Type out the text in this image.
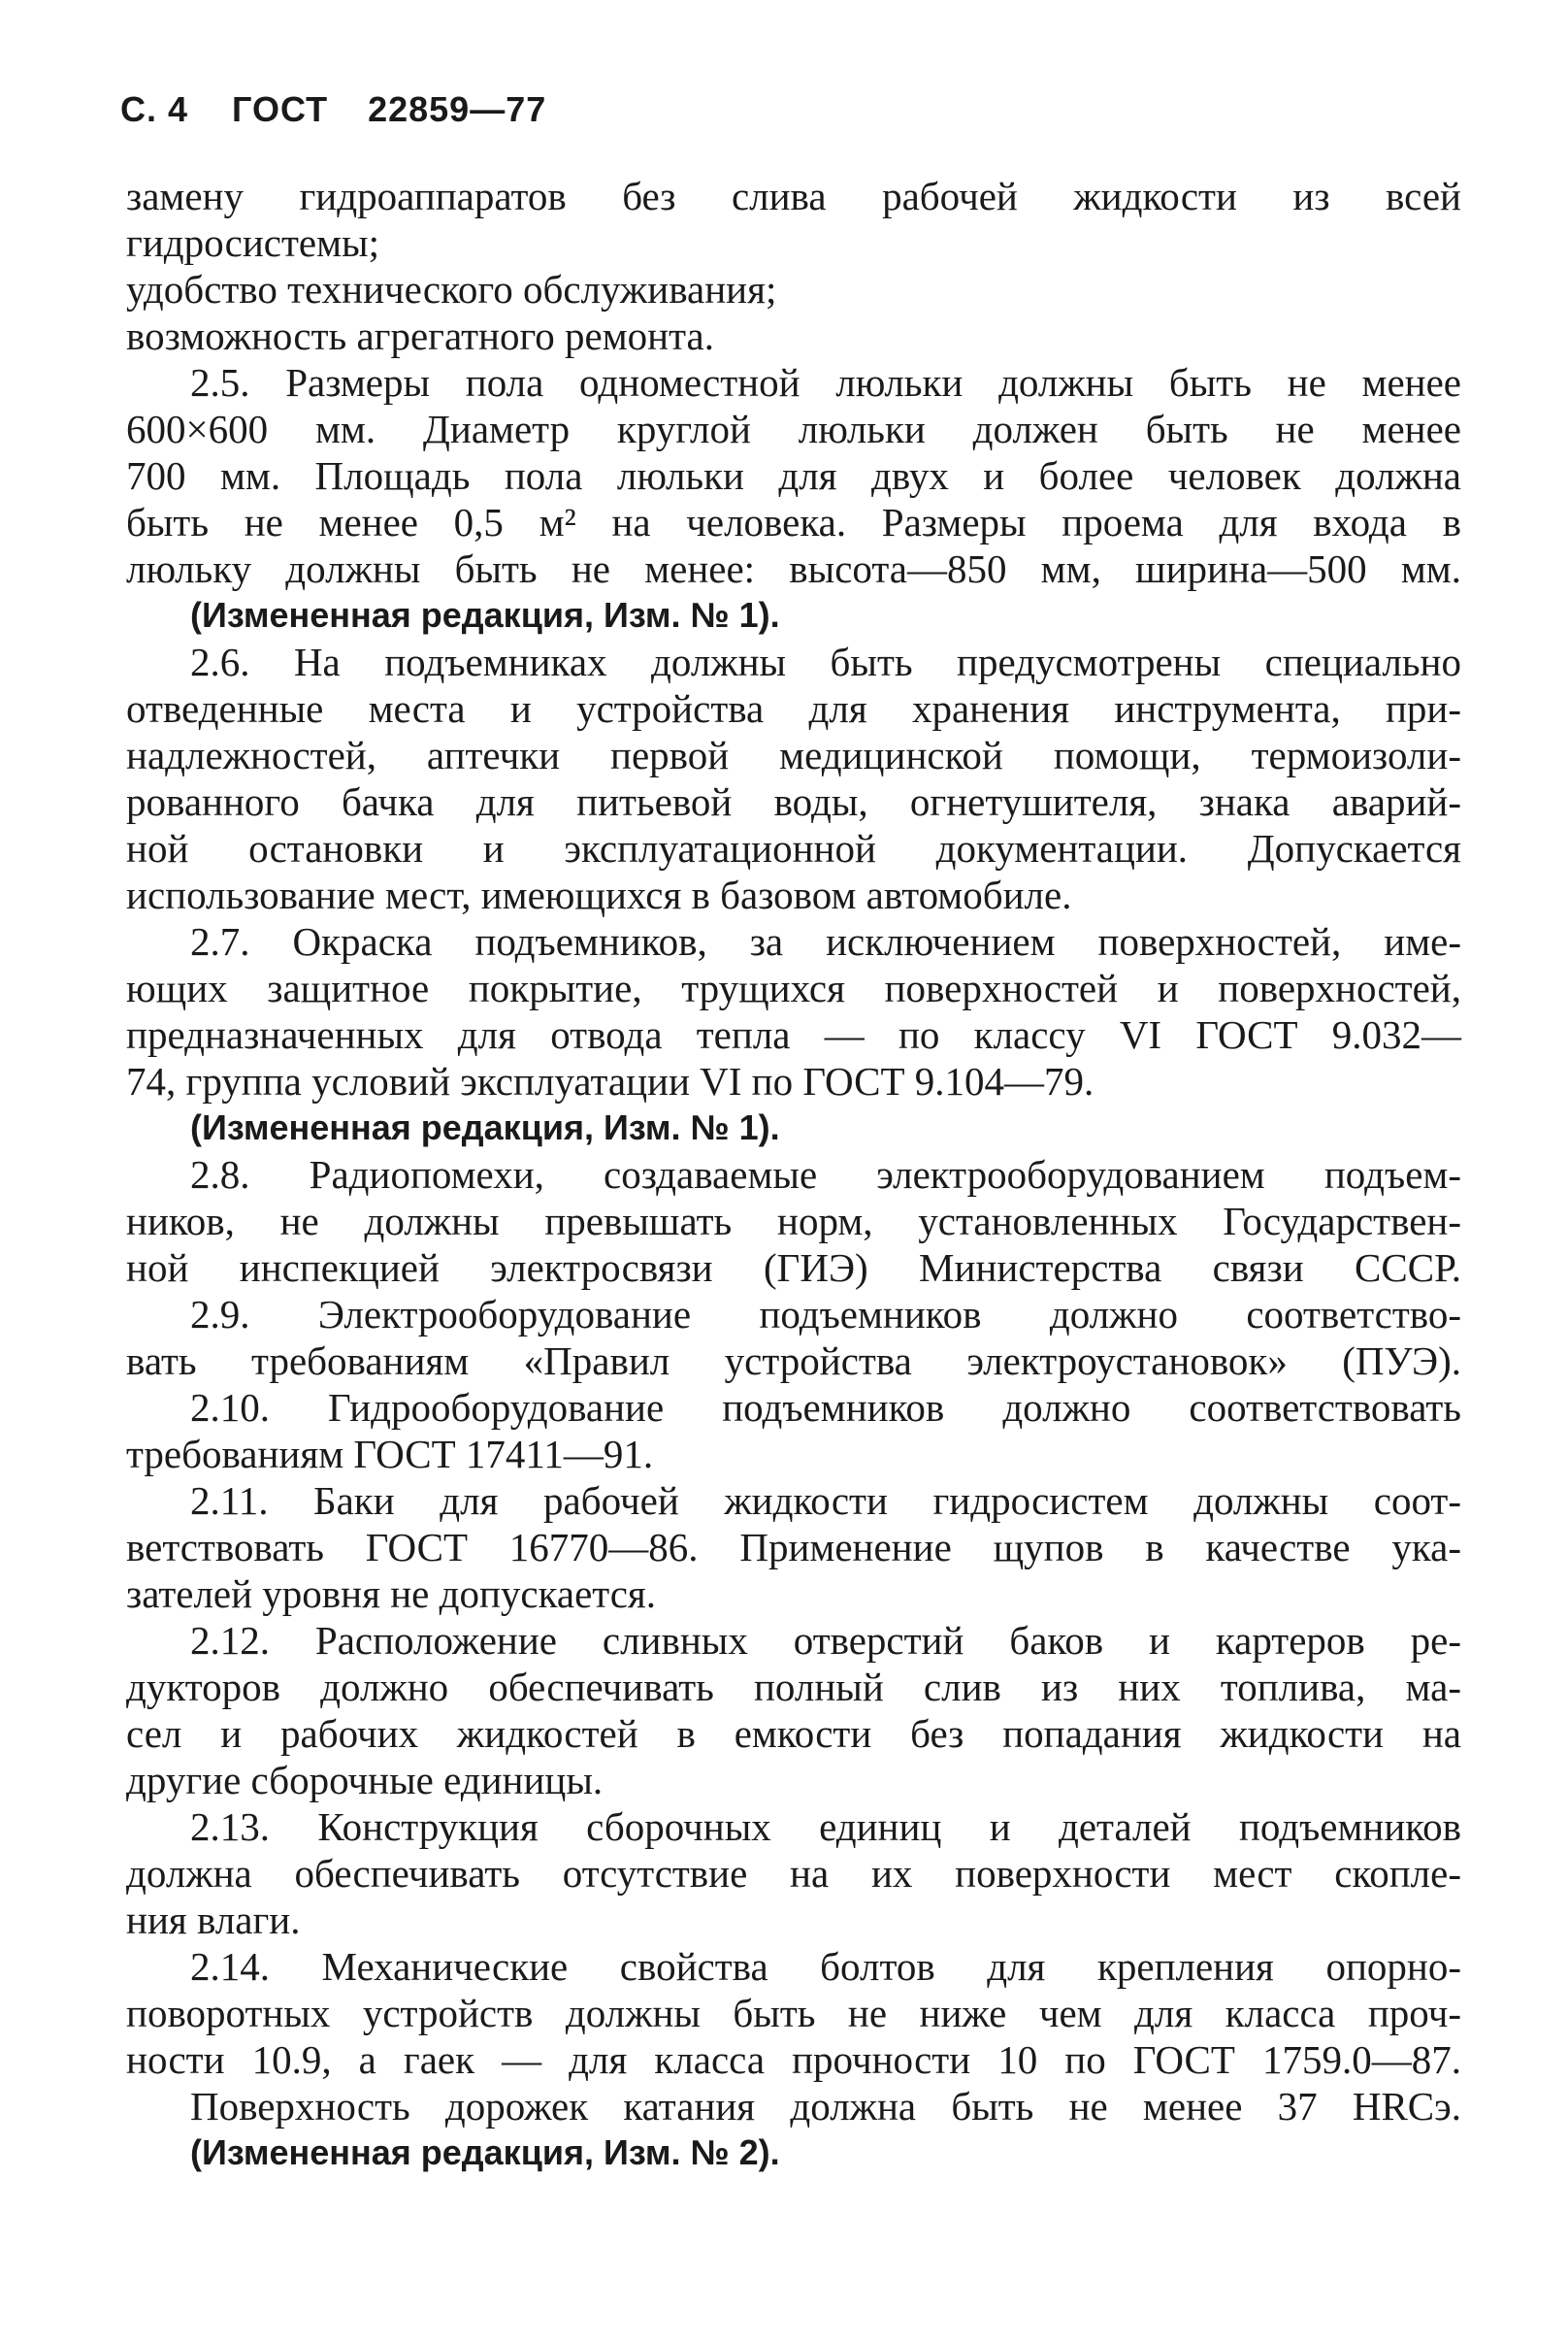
С. 4 ГОСТ 22859—77
замену гидроаппаратов без слива рабочей жидкости из всей
гидросистемы;
удобство технического обслуживания;
возможность агрегатного ремонта.
2.5. Размеры пола одноместной люльки должны быть не менее
600×600 мм. Диаметр круглой люльки должен быть не менее
700 мм. Площадь пола люльки для двух и более человек должна
быть не менее 0,5 м² на человека. Размеры проема для входа в
люльку должны быть не менее: высота—850 мм, ширина—500 мм.
(Измененная редакция, Изм. № 1).
2.6. На подъемниках должны быть предусмотрены специально
отведенные места и устройства для хранения инструмента, при-
надлежностей, аптечки первой медицинской помощи, термоизоли-
рованного бачка для питьевой воды, огнетушителя, знака аварий-
ной остановки и эксплуатационной документации. Допускается
использование мест, имеющихся в базовом автомобиле.
2.7. Окраска подъемников, за исключением поверхностей, име-
ющих защитное покрытие, трущихся поверхностей и поверхностей,
предназначенных для отвода тепла — по классу VI ГОСТ 9.032—
74, группа условий эксплуатации VI по ГОСТ 9.104—79.
(Измененная редакция, Изм. № 1).
2.8. Радиопомехи, создаваемые электрооборудованием подъем-
ников, не должны превышать норм, установленных Государствен-
ной инспекцией электросвязи (ГИЭ) Министерства связи СССР.
2.9. Электрооборудование подъемников должно соответство-
вать требованиям «Правил устройства электроустановок» (ПУЭ).
2.10. Гидрооборудование подъемников должно соответствовать
требованиям ГОСТ 17411—91.
2.11. Баки для рабочей жидкости гидросистем должны соот-
ветствовать ГОСТ 16770—86. Применение щупов в качестве ука-
зателей уровня не допускается.
2.12. Расположение сливных отверстий баков и картеров ре-
дукторов должно обеспечивать полный слив из них топлива, ма-
сел и рабочих жидкостей в емкости без попадания жидкости на
другие сборочные единицы.
2.13. Конструкция сборочных единиц и деталей подъемников
должна обеспечивать отсутствие на их поверхности мест скопле-
ния влаги.
2.14. Механические свойства болтов для крепления опорно-
поворотных устройств должны быть не ниже чем для класса проч-
ности 10.9, а гаек — для класса прочности 10 по ГОСТ 1759.0—87.
Поверхность дорожек катания должна быть не менее 37 HRCэ.
(Измененная редакция, Изм. № 2).
